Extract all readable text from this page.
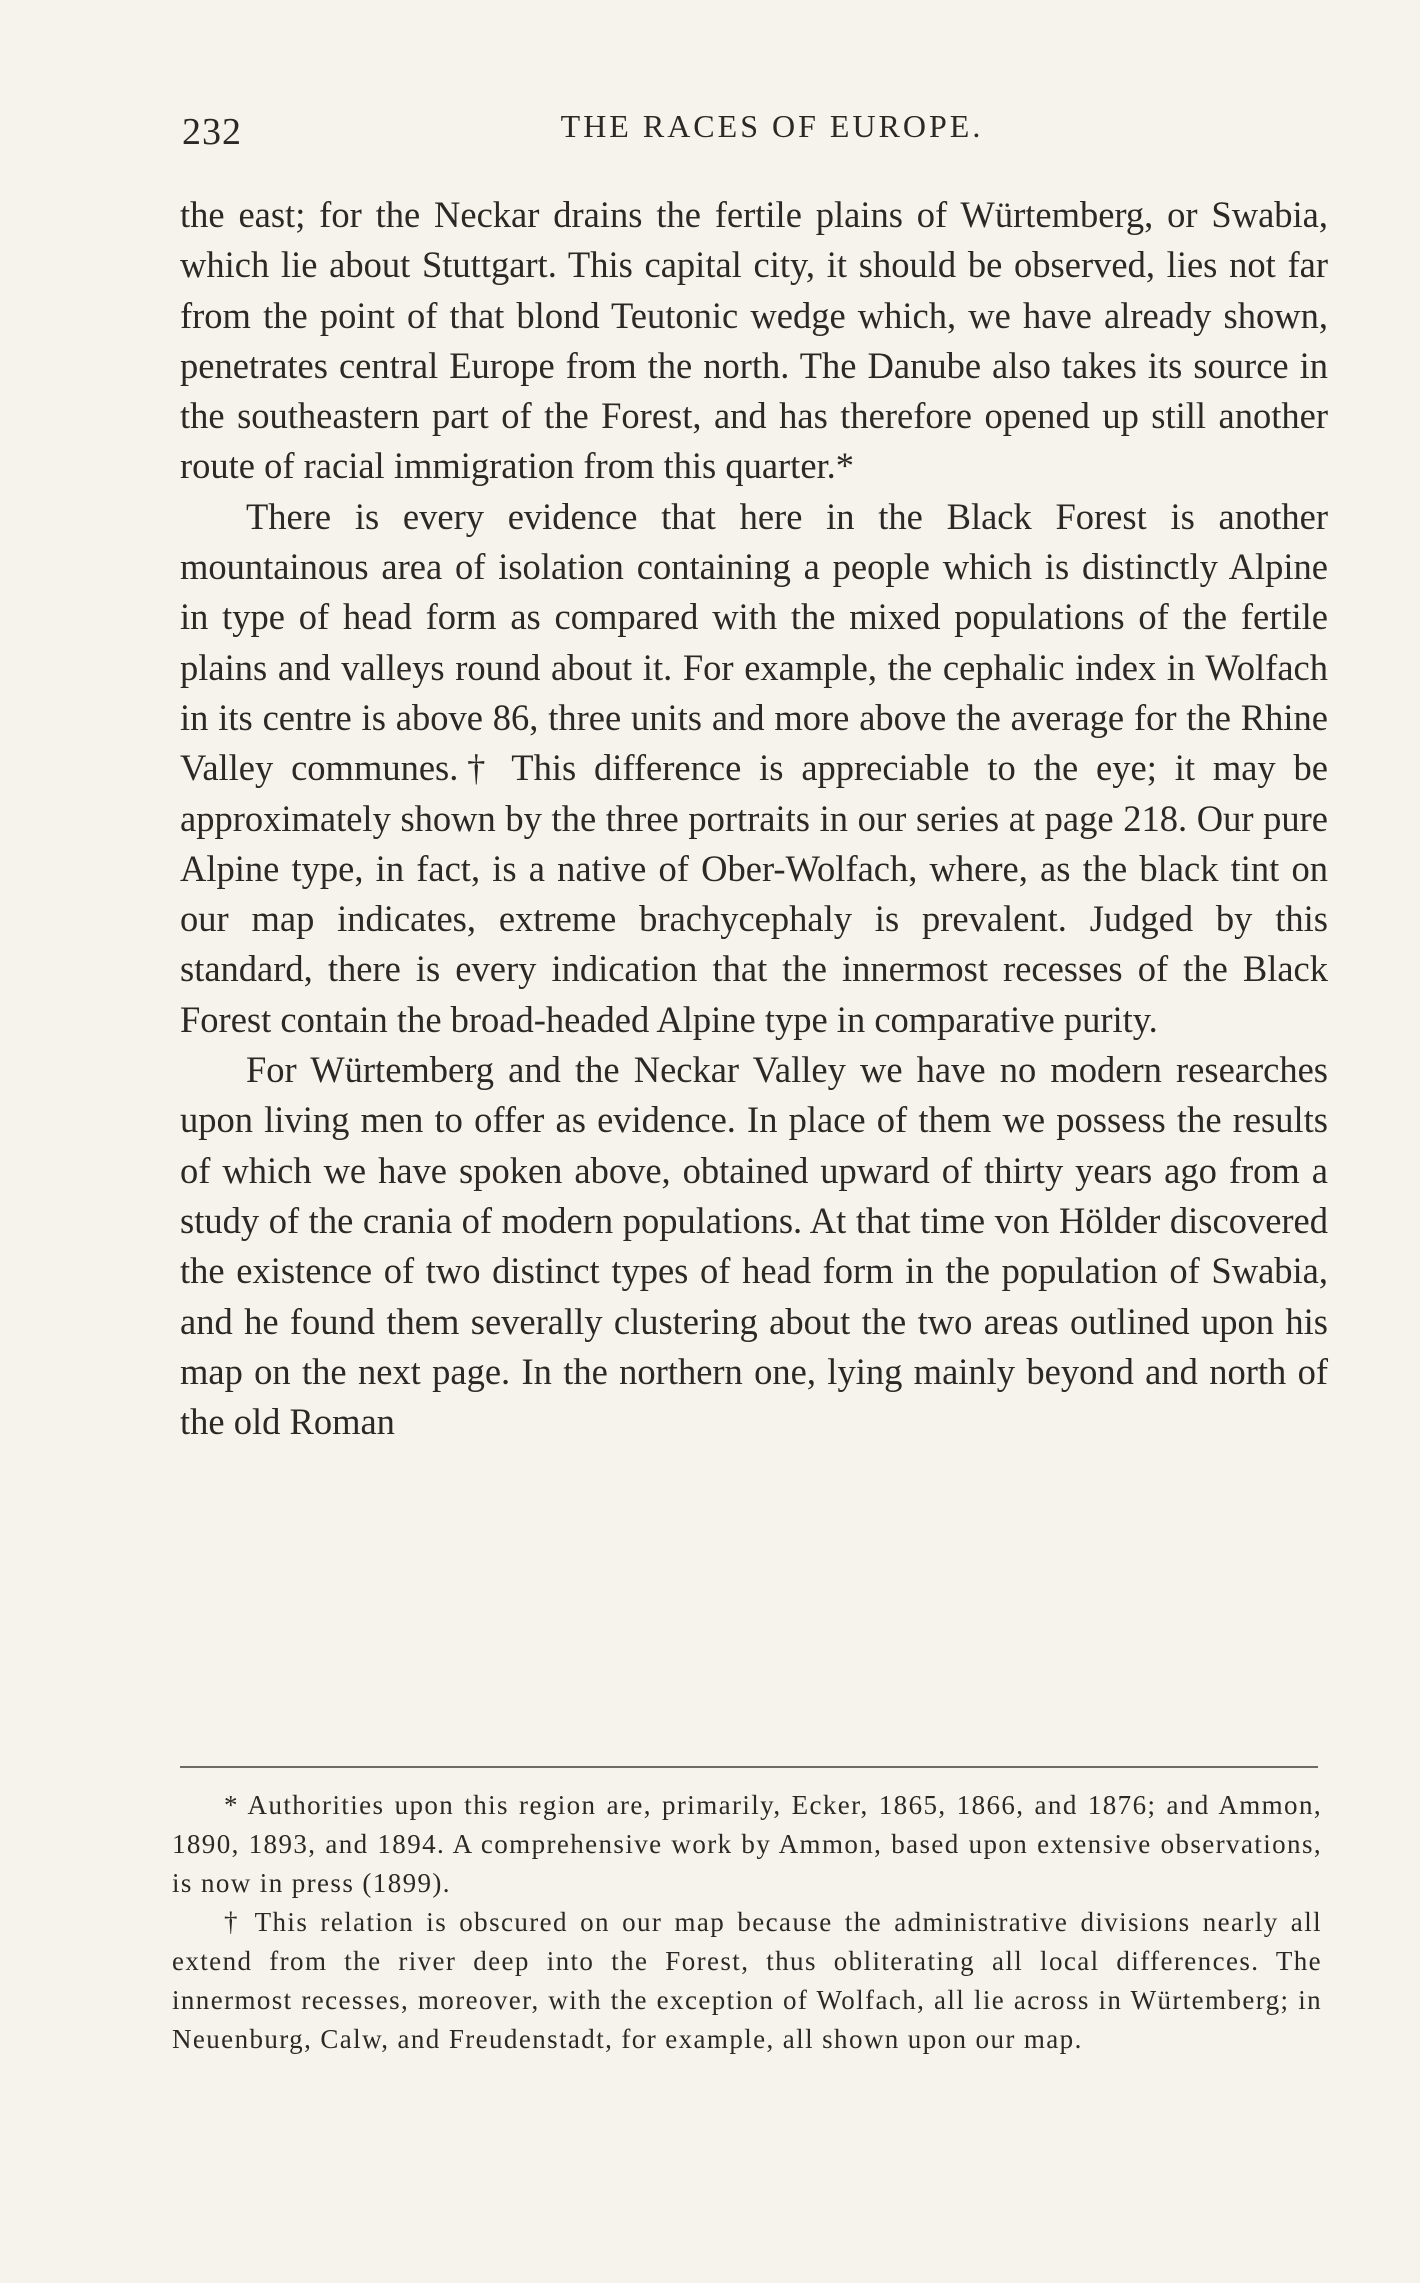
232	THE RACES OF EUROPE.

the east; for the Neckar drains the fertile plains of Würtemberg, or Swabia, which lie about Stuttgart. This capital city, it should be observed, lies not far from the point of that blond Teutonic wedge which, we have already shown, penetrates central Europe from the north. The Danube also takes its source in the southeastern part of the Forest, and has therefore opened up still another route of racial immigration from this quarter.*

There is every evidence that here in the Black Forest is another mountainous area of isolation containing a people which is distinctly Alpine in type of head form as compared with the mixed populations of the fertile plains and valleys round about it. For example, the cephalic index in Wolfach in its centre is above 86, three units and more above the average for the Rhine Valley communes.† This difference is appreciable to the eye; it may be approximately shown by the three portraits in our series at page 218. Our pure Alpine type, in fact, is a native of Ober-Wolfach, where, as the black tint on our map indicates, extreme brachycephaly is prevalent. Judged by this standard, there is every indication that the innermost recesses of the Black Forest contain the broad-headed Alpine type in comparative purity.

For Würtemberg and the Neckar Valley we have no modern researches upon living men to offer as evidence. In place of them we possess the results of which we have spoken above, obtained upward of thirty years ago from a study of the crania of modern populations. At that time von Hölder discovered the existence of two distinct types of head form in the population of Swabia, and he found them severally clustering about the two areas outlined upon his map on the next page. In the northern one, lying mainly beyond and north of the old Roman

* Authorities upon this region are, primarily, Ecker, 1865, 1866, and 1876; and Ammon, 1890, 1893, and 1894. A comprehensive work by Ammon, based upon extensive observations, is now in press (1899).

† This relation is obscured on our map because the administrative divisions nearly all extend from the river deep into the Forest, thus obliterating all local differences. The innermost recesses, moreover, with the exception of Wolfach, all lie across in Würtemberg; in Neuenburg, Calw, and Freudenstadt, for example, all shown upon our map.
